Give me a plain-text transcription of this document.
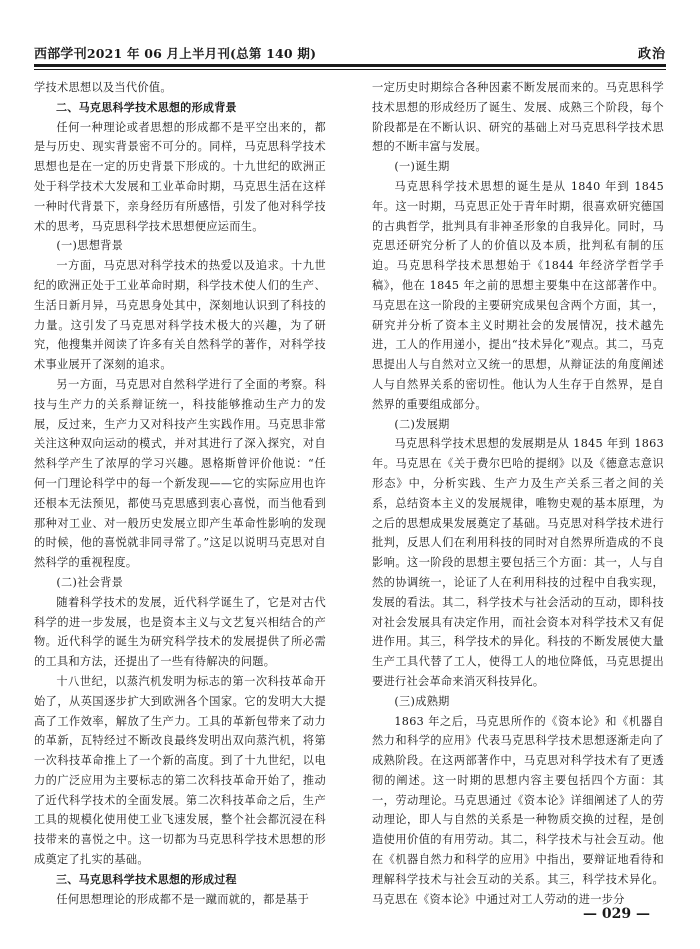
西部学刊2021 年 06 月上半月刊(总第 140 期)	政治

学技术思想以及当代价值。

二、马克思科学技术思想的形成背景

任何一种理论或者思想的形成都不是平空出来的，都是与历史、现实背景密不可分的。同样，马克思科学技术思想也是在一定的历史背景下形成的。十九世纪的欧洲正处于科学技术大发展和工业革命时期，马克思生活在这样一种时代背景下，亲身经历有所感悟，引发了他对科学技术的思考，马克思科学技术思想便应运而生。

(一)思想背景

一方面，马克思对科学技术的热爱以及追求。十九世纪的欧洲正处于工业革命时期，科学技术使人们的生产、生活日新月异，马克思身处其中，深刻地认识到了科技的力量。这引发了马克思对科学技术极大的兴趣，为了研究，他搜集并阅读了许多有关自然科学的著作，对科学技术事业展开了深刻的追求。

另一方面，马克思对自然科学进行了全面的考察。科技与生产力的关系辩证统一，科技能够推动生产力的发展，反过来，生产力又对科技产生实践作用。马克思非常关注这种双向运动的模式，并对其进行了深入探究，对自然科学产生了浓厚的学习兴趣。恩格斯曾评价他说：“任何一门理论科学中的每一个新发现——它的实际应用也许还根本无法预见，都使马克思感到衷心喜悦，而当他看到那种对工业、对一般历史发展立即产生革命性影响的发现的时候，他的喜悦就非同寻常了。”这足以说明马克思对自然科学的重视程度。

(二)社会背景

随着科学技术的发展，近代科学诞生了，它是对古代科学的进一步发展，也是资本主义与文艺复兴相结合的产物。近代科学的诞生为研究科学技术的发展提供了所必需的工具和方法，还提出了一些有待解决的问题。

十八世纪，以蒸汽机发明为标志的第一次科技革命开始了，从英国逐步扩大到欧洲各个国家。它的发明大大提高了工作效率，解放了生产力。工具的革新包带来了动力的革新，瓦特经过不断改良最终发明出双向蒸汽机，将第一次科技革命推上了一个新的高度。到了十九世纪，以电力的广泛应用为主要标志的第二次科技革命开始了，推动了近代科学技术的全面发展。第二次科技革命之后，生产工具的规模化使用使工业飞速发展，整个社会都沉浸在科技带来的喜悦之中。这一切都为马克思科学技术思想的形成奠定了扎实的基础。

三、马克思科学技术思想的形成过程

任何思想理论的形成都不是一蹴而就的，都是基于

一定历史时期综合各种因素不断发展而来的。马克思科学技术思想的形成经历了诞生、发展、成熟三个阶段，每个阶段都是在不断认识、研究的基础上对马克思科学技术思想的不断丰富与发展。

(一)诞生期

马克思科学技术思想的诞生是从 1840 年到 1845 年。这一时期，马克思正处于青年时期，很喜欢研究德国的古典哲学，批判具有非神圣形象的自我异化。同时，马克思还研究分析了人的价值以及本质，批判私有制的压迫。马克思科学技术思想始于《1844 年经济学哲学手稿》，他在 1845 年之前的思想主要集中在这部著作中。马克思在这一阶段的主要研究成果包含两个方面，其一，研究并分析了资本主义时期社会的发展情况，技术越先进，工人的作用递小，提出“技术异化”观点。其二，马克思提出人与自然对立又统一的思想，从辩证法的角度阐述人与自然界关系的密切性。他认为人生存于自然界，是自然界的重要组成部分。

(二)发展期

马克思科学技术思想的发展期是从 1845 年到 1863 年。马克思在《关于费尔巴哈的提纲》以及《德意志意识形态》中，分析实践、生产力及生产关系三者之间的关系，总结资本主义的发展规律，唯物史观的基本原理，为之后的思想成果发展奠定了基础。马克思对科学技术进行批判，反思人们在利用科技的同时对自然界所造成的不良影响。这一阶段的思想主要包括三个方面：其一，人与自然的协调统一，论证了人在利用科技的过程中自我实现，发展的看法。其二，科学技术与社会活动的互动，即科技对社会发展具有决定作用，而社会资本对科学技术又有促进作用。其三，科学技术的异化。科技的不断发展使大量生产工具代替了工人，使得工人的地位降低，马克思提出要进行社会革命来消灭科技异化。

(三)成熟期

1863 年之后，马克思所作的《资本论》和《机器自然力和科学的应用》代表马克思科学技术思想逐渐走向了成熟阶段。在这两部著作中，马克思对科学技术有了更透彻的阐述。这一时期的思想内容主要包括四个方面：其一，劳动理论。马克思通过《资本论》详细阐述了人的劳动理论，即人与自然的关系是一种物质交换的过程，是创造使用价值的有用劳动。其二，科学技术与社会互动。他在《机器自然力和科学的应用》中指出，要辩证地看待和理解科学技术与社会互动的关系。其三，科学技术异化。马克思在《资本论》中通过对工人劳动的进一步分

— 029 —
